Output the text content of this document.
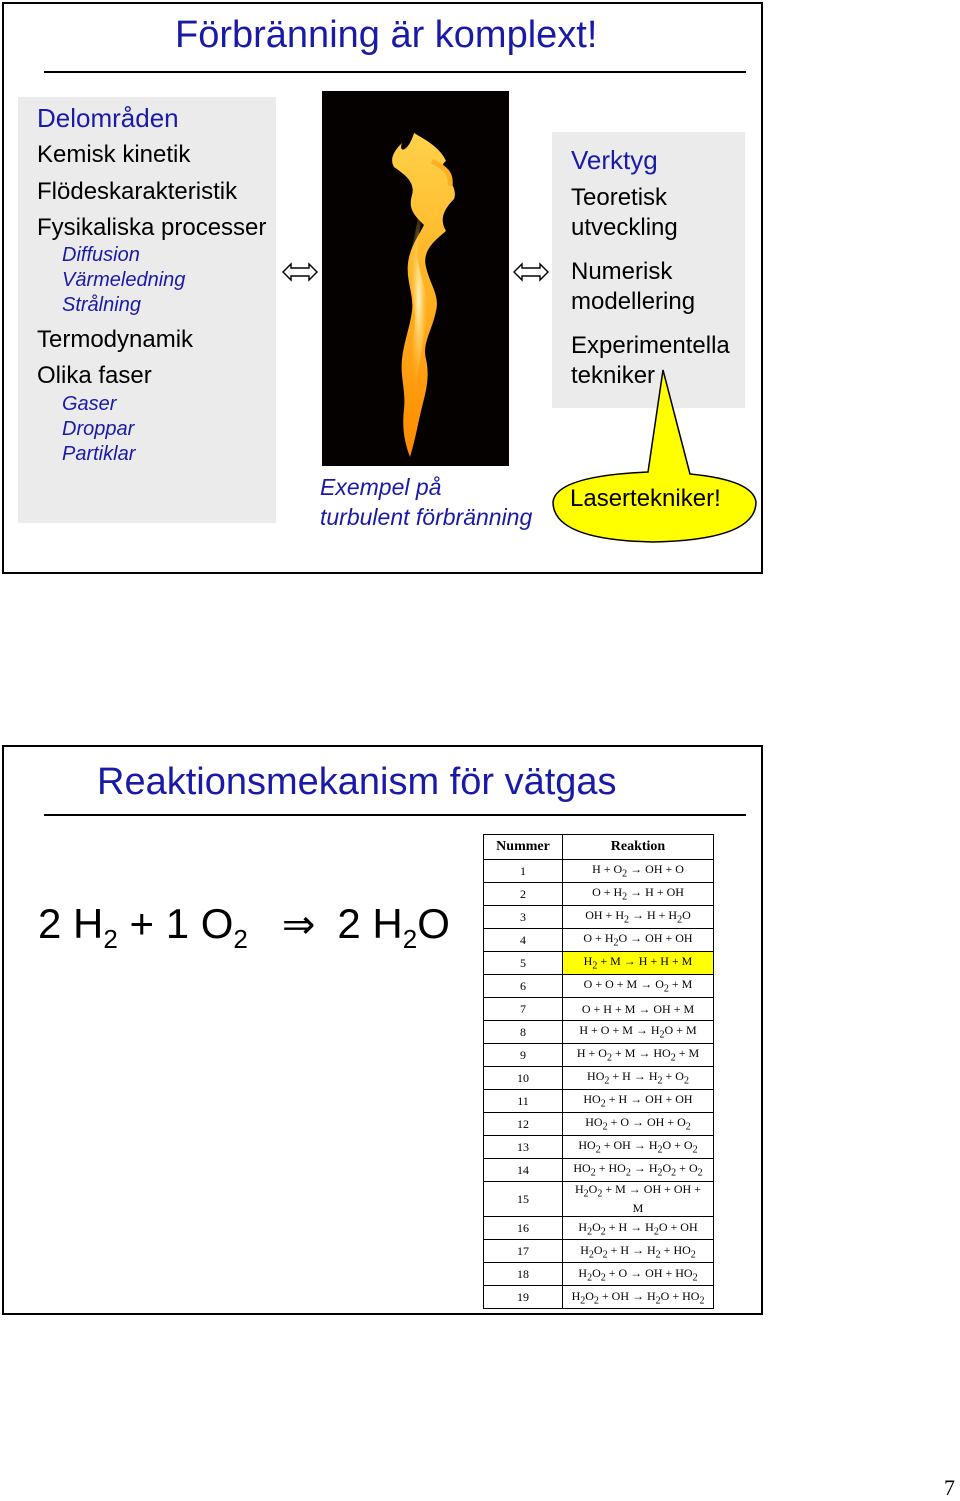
Förbränning är komplext!
Delområden
Kemisk kinetik
Flödeskarakteristik
Fysikaliska processer
Diffusion
Värmeledning
Strålning
Termodynamik
Olika faser
Gaser
Droppar
Partiklar
Exempel på
turbulent förbränning
Verktyg
Teoretisk
utveckling
Numerisk
modellering
Experimentella
tekniker
Lasertekniker!
Reaktionsmekanism för vätgas
2 $H_2 + 1$ $O_2$ ⇒ 2 $H_2O$
Nummer	Reaktion
1	$H + O_2$ → OH + O
2	$O + H_2 \to H$ + OH
3	OH + $H_2 \to H + H_2O$
4	$O + H_2O$ → OH + OH
5	$H_2 + M \to H + H + M$
6	$O + O + M \to O_2 + M$
7	O + H + M → OH + M
8	$H + O + M \to H_2O + M$
9	$H + O_2 + M \to HO_2 + M$
10	$HO_2 + H \to H_2 + O_2$
11	$HO_2 + H$ → OH + OH
12	$HO_2 + O$ → OH + $O_2$
13	$HO_2$ + OH → $H_2O + O_2$
14	$HO_2 + HO_2 \to H_2O_2 + O_2$
15	$H_2O_2 + M$ → OH + OH +
M
16	$H_2O_2 + H \to H_2O$ + OH
17	$H_2O_2 + H \to H_2 + HO_2$
18	$H_2O_2 + O$ → OH + $HO_2$
19	$H_2O_2$ + OH → $H_2O + HO_2$
7
